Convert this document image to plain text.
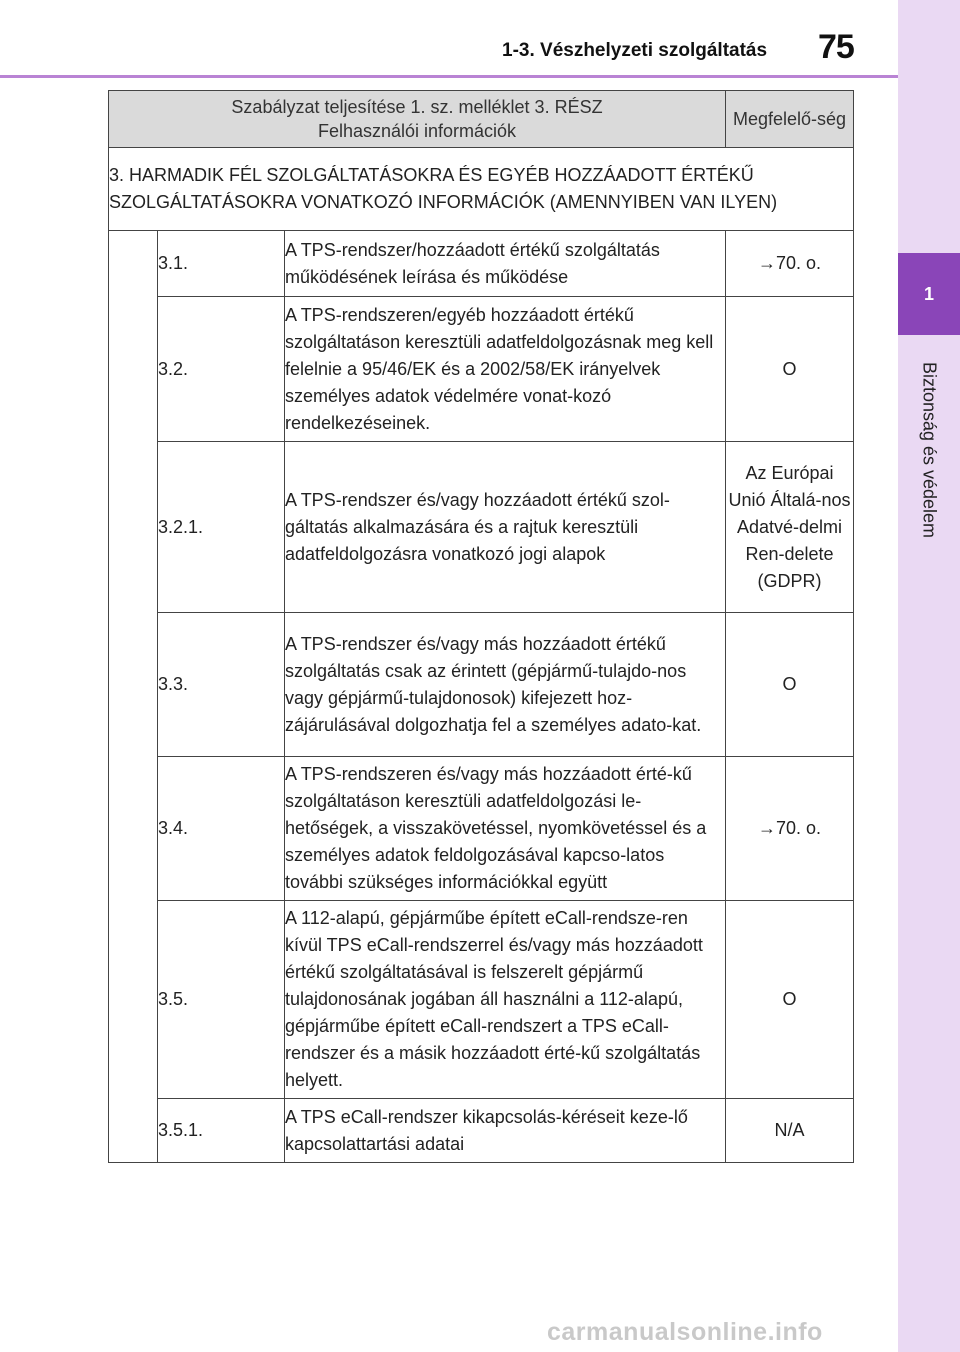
1-3. Vészhelyzeti szolgáltatás 75
1
Biztonság és védelem
Szabályzat teljesítése 1. sz. melléklet 3. RÉSZ
Felhasználói információk			Megfelelő-ség
3. HARMADIK FÉL SZOLGÁLTATÁSOKRA ÉS EGYÉB HOZZÁADOTT ÉRTÉKŰ SZOLGÁLTATÁSOKRA VONATKOZÓ INFORMÁCIÓK (AMENNYIBEN VAN ILYEN)			
	3.1.	A TPS-rendszer/hozzáadott értékű szolgáltatás működésének leírása és működése	→70. o.
	3.2.	A TPS-rendszeren/egyéb hozzáadott értékű szolgáltatáson keresztüli adatfeldolgozásnak meg kell felelnie a 95/46/EK és a 2002/58/EK irányelvek személyes adatok védelmére vonat-kozó rendelkezéseinek.	O
	3.2.1.	A TPS-rendszer és/vagy hozzáadott értékű szol-gáltatás alkalmazására és a rajtuk keresztüli adatfeldolgozásra vonatkozó jogi alapok	Az Európai Unió Általá-nos Adatvé-delmi Ren-delete (GDPR)
	3.3.	A TPS-rendszer és/vagy más hozzáadott értékű szolgáltatás csak az érintett (gépjármű-tulajdo-nos vagy gépjármű-tulajdonosok) kifejezett hoz-zájárulásával dolgozhatja fel a személyes adato-kat.	O
	3.4.	A TPS-rendszeren és/vagy más hozzáadott érté-kű szolgáltatáson keresztüli adatfeldolgozási le-hetőségek, a visszakövetéssel, nyomkövetéssel és a személyes adatok feldolgozásával kapcso-latos további szükséges információkkal együtt	→70. o.
	3.5.	A 112-alapú, gépjárműbe épített eCall-rendsze-ren kívül TPS eCall-rendszerrel és/vagy más hozzáadott értékű szolgáltatásával is felszerelt gépjármű tulajdonosának jogában áll használni a 112-alapú, gépjárműbe épített eCall-rendszert a TPS eCall-rendszer és a másik hozzáadott érté-kű szolgáltatás helyett.	O
	3.5.1.	A TPS eCall-rendszer kikapcsolás-kéréseit keze-lő kapcsolattartási adatai	N/A
carmanualsonline.info
